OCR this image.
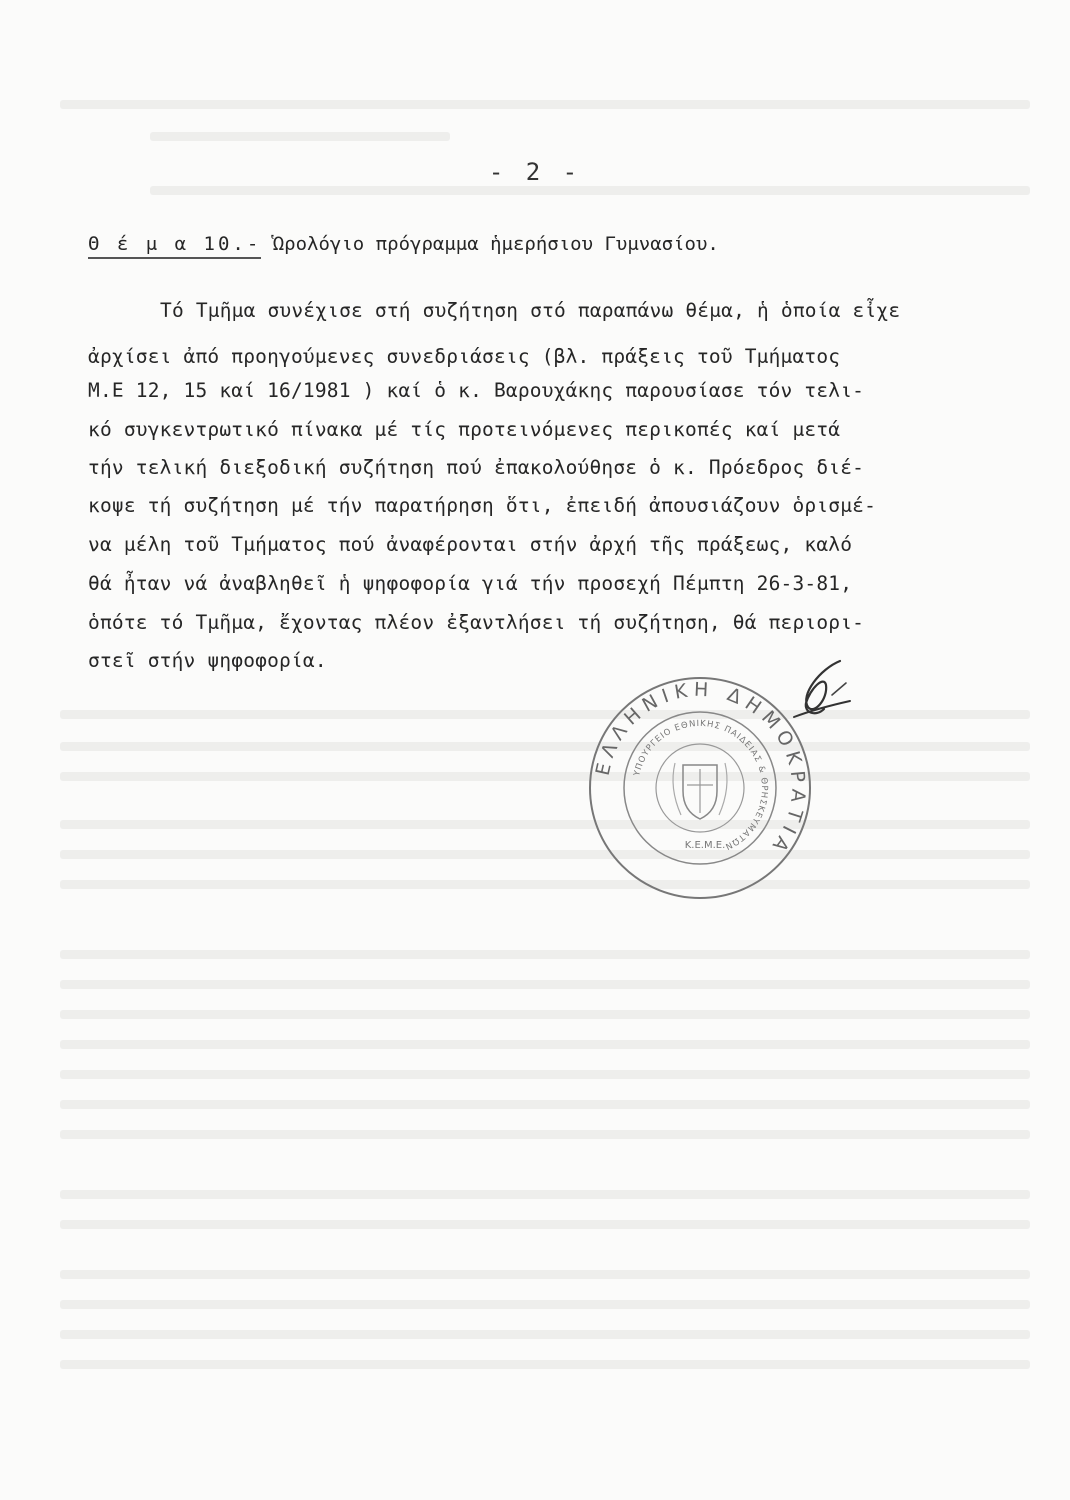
- 2 -
Θ έ μ α 10.- Ὡρολόγιο πρόγραμμα ἡμερήσιου Γυμνασίου.
Τό Τμῆμα συνέχισε στή συζήτηση στό παραπάνω θέμα, ἡ ὁποία εἶχε
ἀρχίσει ἀπό προηγούμενες συνεδριάσεις (βλ. πράξεις τοῦ Τμήματος
Μ.Ε 12, 15 καί 16/1981 ) καί ὁ κ. Βαρουχάκης παρουσίασε τόν τελι-
κό συγκεντρωτικό πίνακα μέ τίς προτεινόμενες περικοπές καί μετά
τήν τελική διεξοδική συζήτηση πού ἐπακολούθησε ὁ κ. Πρόεδρος διέ-
κοψε τή συζήτηση μέ τήν παρατήρηση ὅτι, ἐπειδή ἀπουσιάζουν ὁρισμέ-
να μέλη τοῦ Τμήματος πού ἀναφέρονται στήν ἀρχή τῆς πράξεως, καλό
θά ἦταν νά ἀναβληθεῖ ἡ ψηφοφορία γιά τήν προσεχή Πέμπτη 26-3-81,
ὁπότε τό Τμῆμα, ἔχοντας πλέον ἐξαντλήσει τή συζήτηση, θά περιορι-
στεῖ στήν ψηφοφορία.
ΕΛΛΗΝΙΚΗ ΔΗΜΟΚΡΑΤΙΑ
ΥΠΟΥΡΓΕΙΟ ΕΘΝΙΚΗΣ ΠΑΙΔΕΙΑΣ & ΘΡΗΣΚΕΥΜΑΤΩΝ
Κ.Ε.Μ.Ε.
